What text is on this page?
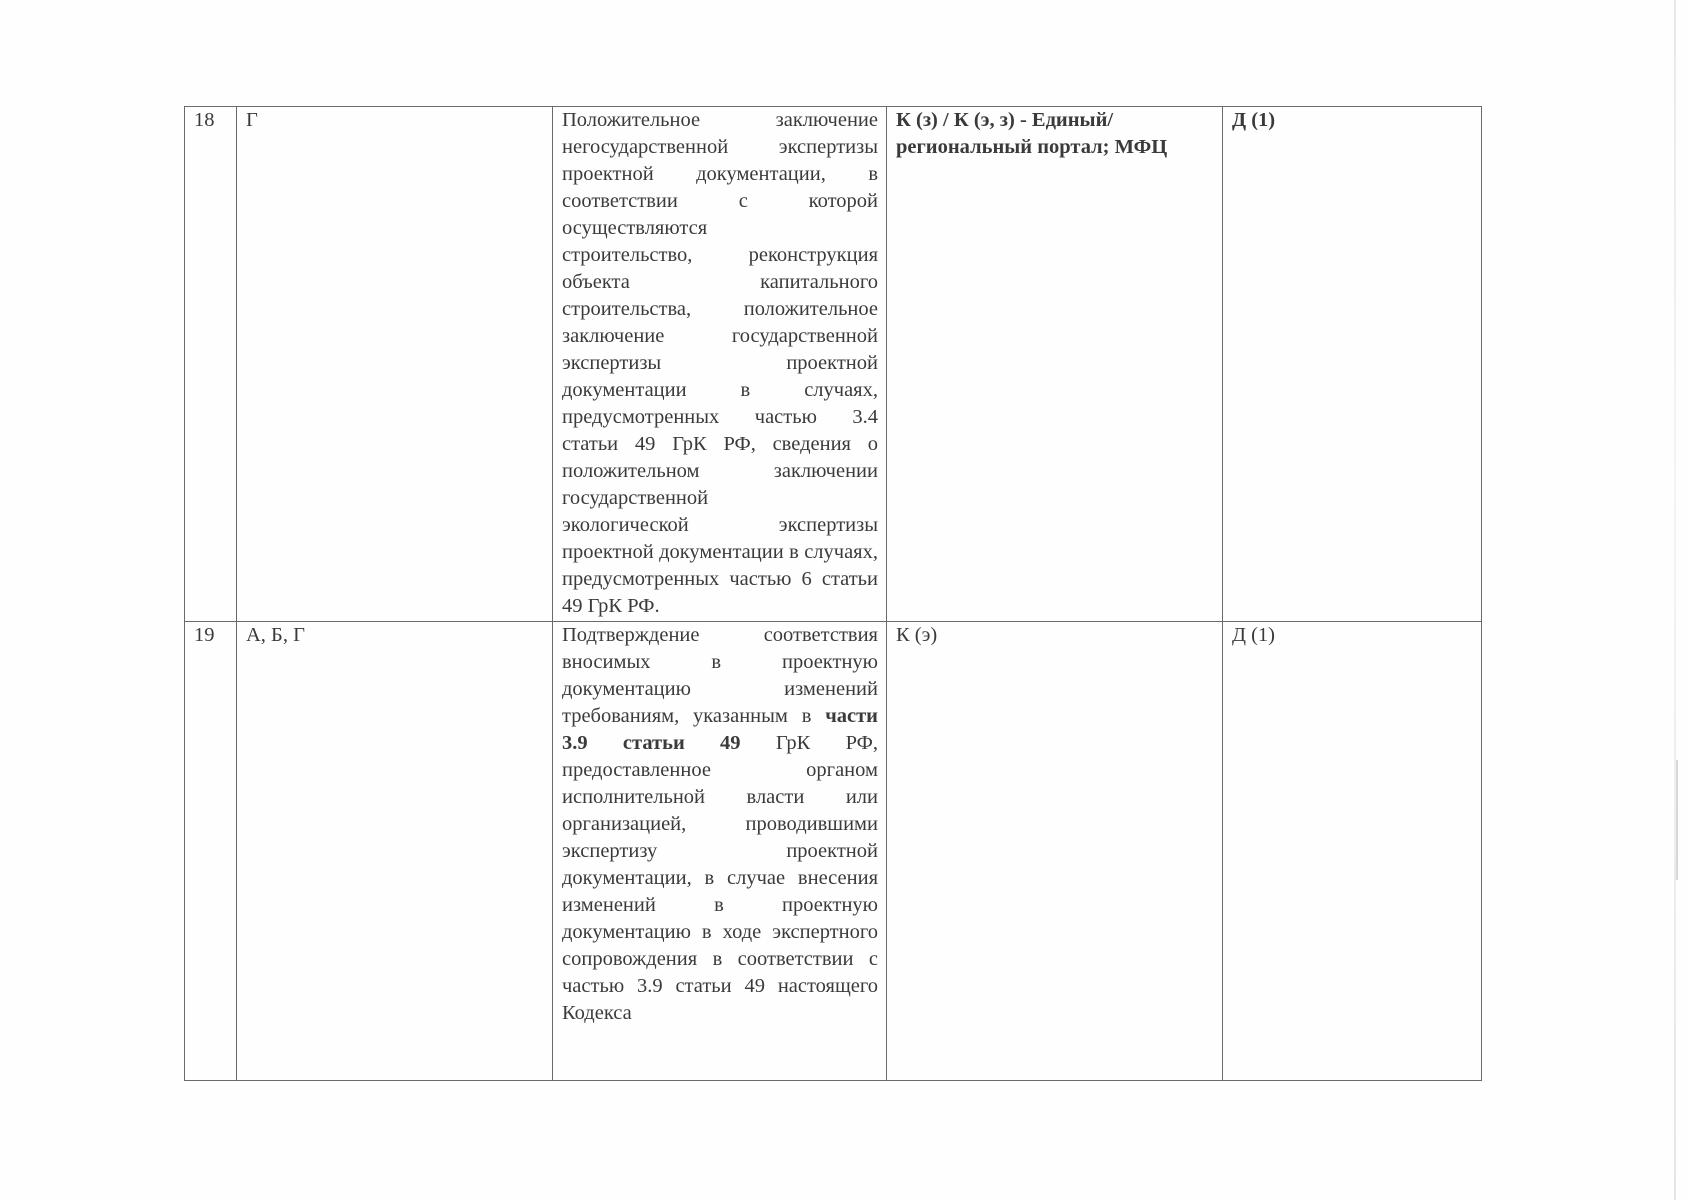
18	Г	Положительное заключение негосударственной экспертизы проектной документации, в соответствии с которой осуществляются
строительство, реконструкция объекта капитального строительства, положительное заключение государственной экспертизы проектной документации в случаях, предусмотренных частью 3.4 статьи 49 ГрК РФ, сведения о положительном заключении государственной
экологической экспертизы проектной документации в случаях, предусмотренных частью 6 статьи 49 ГрК РФ.	К (з) / К (э, з) - Единый/региональный портал; МФЦ	Д (1)
19	А, Б, Г	Подтверждение соответствия вносимых в проектную документацию изменений требованиям, указанным в части 3.9 статьи 49 ГрК РФ, предоставленное органом исполнительной власти или организацией, проводившими экспертизу проектной документации, в случае внесения изменений в проектную документацию в ходе экспертного сопровождения в соответствии с частью 3.9 статьи 49 настоящего Кодекса	К (э)	Д (1)
